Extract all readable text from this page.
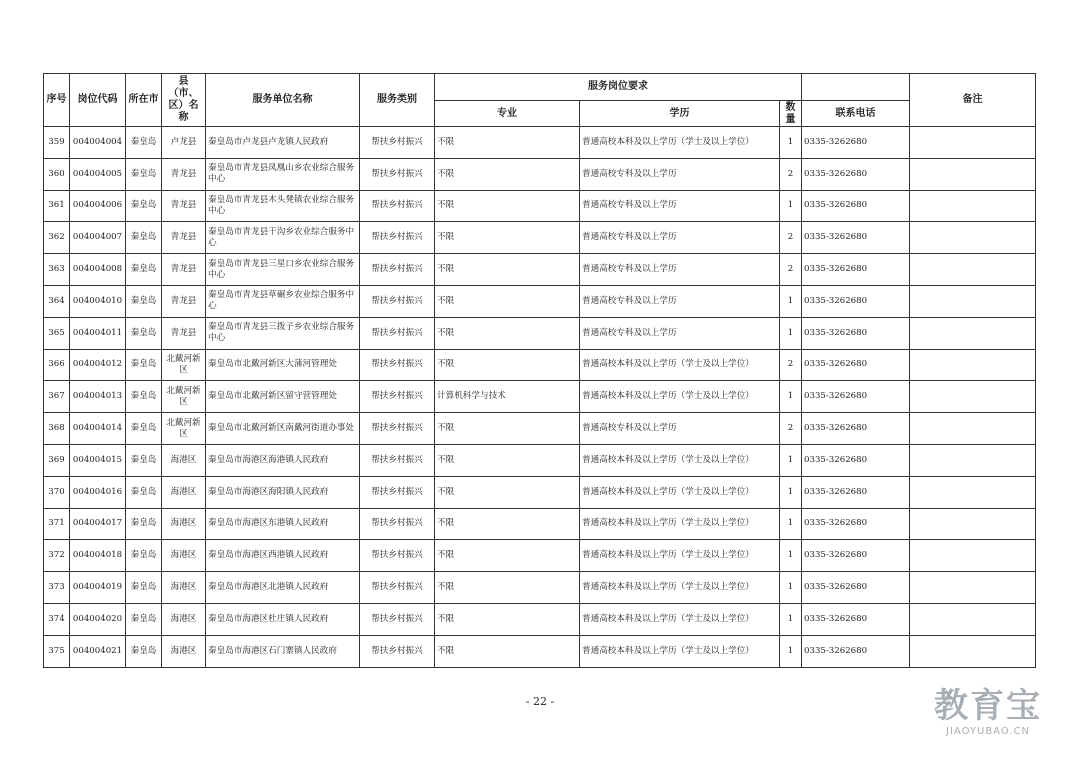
序号	岗位代码	所在市	县（市、区）名称	服务单位名称	服务类别	服务岗位要求				备注
						专业	学历	数量	联系电话	
359	004004004	秦皇岛	卢龙县	秦皇岛市卢龙县卢龙镇人民政府	帮扶乡村振兴	不限	普通高校本科及以上学历（学士及以上学位）	1	0335-3262680	
360	004004005	秦皇岛	青龙县	秦皇岛市青龙县凤凰山乡农业综合服务中心	帮扶乡村振兴	不限	普通高校专科及以上学历	2	0335-3262680	
361	004004006	秦皇岛	青龙县	秦皇岛市青龙县木头凳镇农业综合服务中心	帮扶乡村振兴	不限	普通高校专科及以上学历	1	0335-3262680	
362	004004007	秦皇岛	青龙县	秦皇岛市青龙县干沟乡农业综合服务中心	帮扶乡村振兴	不限	普通高校专科及以上学历	2	0335-3262680	
363	004004008	秦皇岛	青龙县	秦皇岛市青龙县三星口乡农业综合服务中心	帮扶乡村振兴	不限	普通高校专科及以上学历	2	0335-3262680	
364	004004010	秦皇岛	青龙县	秦皇岛市青龙县草碾乡农业综合服务中心	帮扶乡村振兴	不限	普通高校专科及以上学历	1	0335-3262680	
365	004004011	秦皇岛	青龙县	秦皇岛市青龙县三拨子乡农业综合服务中心	帮扶乡村振兴	不限	普通高校专科及以上学历	1	0335-3262680	
366	004004012	秦皇岛	北戴河新区	秦皇岛市北戴河新区大蒲河管理处	帮扶乡村振兴	不限	普通高校本科及以上学历（学士及以上学位）	2	0335-3262680	
367	004004013	秦皇岛	北戴河新区	秦皇岛市北戴河新区留守营管理处	帮扶乡村振兴	计算机科学与技术	普通高校本科及以上学历（学士及以上学位）	1	0335-3262680	
368	004004014	秦皇岛	北戴河新区	秦皇岛市北戴河新区南戴河街道办事处	帮扶乡村振兴	不限	普通高校专科及以上学历	2	0335-3262680	
369	004004015	秦皇岛	海港区	秦皇岛市海港区海港镇人民政府	帮扶乡村振兴	不限	普通高校本科及以上学历（学士及以上学位）	1	0335-3262680	
370	004004016	秦皇岛	海港区	秦皇岛市海港区海阳镇人民政府	帮扶乡村振兴	不限	普通高校本科及以上学历（学士及以上学位）	1	0335-3262680	
371	004004017	秦皇岛	海港区	秦皇岛市海港区东港镇人民政府	帮扶乡村振兴	不限	普通高校本科及以上学历（学士及以上学位）	1	0335-3262680	
372	004004018	秦皇岛	海港区	秦皇岛市海港区西港镇人民政府	帮扶乡村振兴	不限	普通高校本科及以上学历（学士及以上学位）	1	0335-3262680	
373	004004019	秦皇岛	海港区	秦皇岛市海港区北港镇人民政府	帮扶乡村振兴	不限	普通高校本科及以上学历（学士及以上学位）	1	0335-3262680	
374	004004020	秦皇岛	海港区	秦皇岛市海港区杜庄镇人民政府	帮扶乡村振兴	不限	普通高校本科及以上学历（学士及以上学位）	1	0335-3262680	
375	004004021	秦皇岛	海港区	秦皇岛市海港区石门寨镇人民政府	帮扶乡村振兴	不限	普通高校本科及以上学历（学士及以上学位）	1	0335-3262680	
- 22 -	教育宝
JIAOYUBAO.CN
